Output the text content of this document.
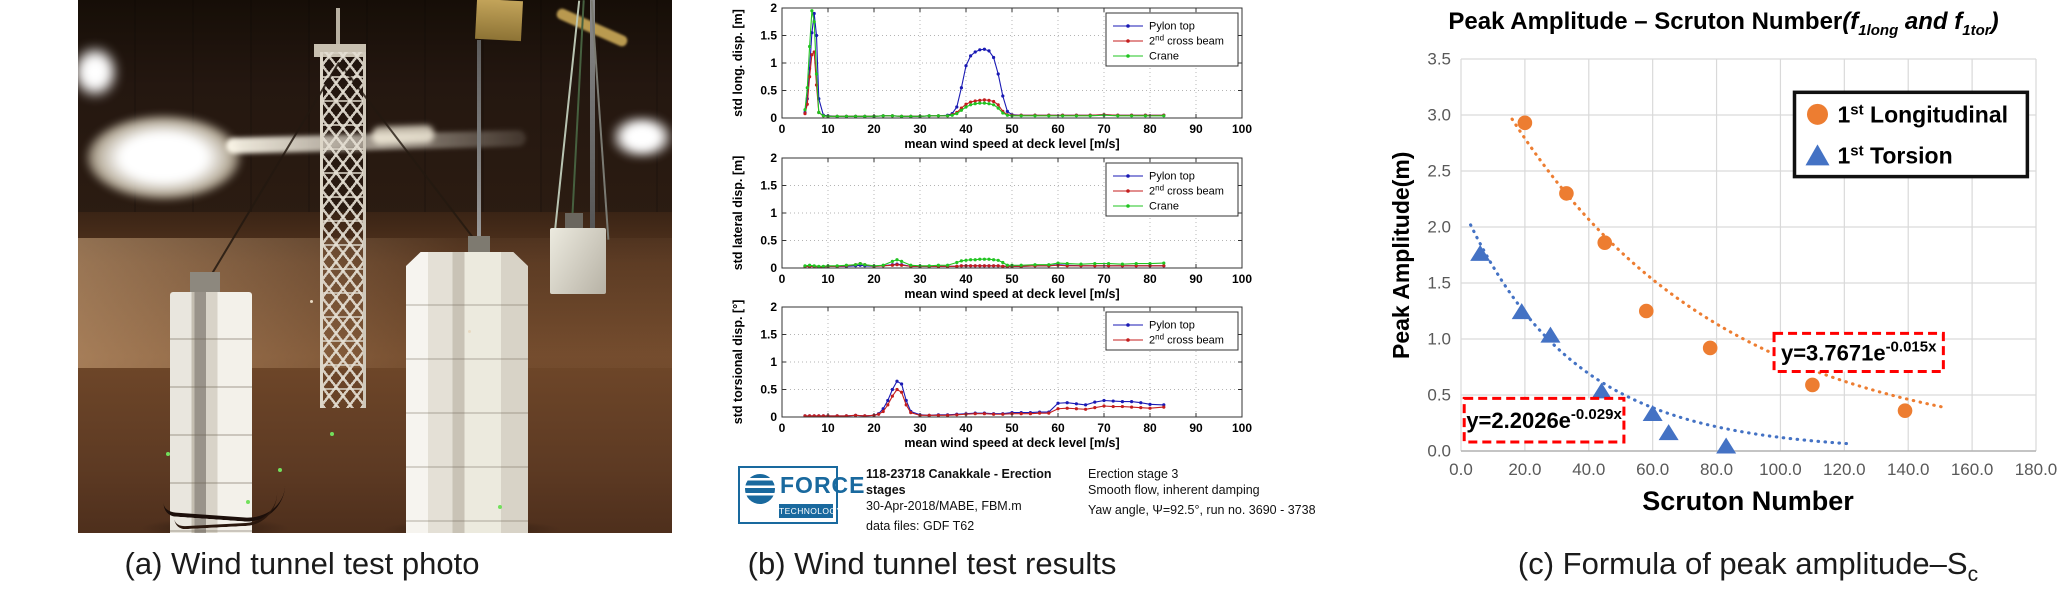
0	10	20	30	40	50	60	70	80	90 100
0
0.5
1
1.5
2
mean wind speed at deck level [m/s]
std long. disp. [m]	Pylon top
2nd cross beam
Crane
0	10	20	30	40	50	60	70	80	90 100
0
0.5
1
1.5
2
mean wind speed at deck level [m/s]
std lateral disp. [m]	Pylon top
2nd cross beam
Crane
0	10	20	30	40	50	60	70	80	90 100
0
0.5
1
1.5
2
mean wind speed at deck level [m/s]
std torsional disp. [°]	Pylon top
2nd cross beam
FORCE
TECHNOLOGY
118-23718 Canakkale - Erection stages
30-Apr-2018/MABE, FBM.m
data files: GDF T62
Erection stage 3
Smooth flow, inherent damping
Yaw angle, Ψ=92.5°, run no. 3690 - 3738
Peak Amplitude – Scruton $Number(f_{1long}$ and $f_{1tor}$)
Peak Amplitude(m)
0.0 20.0 40.0 60.0 80.0 100.0 120.0 140.0 160.0 180.0
0.0
0.5
1.0
1.5
2.0
2.5
3.0
3.5
1st Longitudinal
1st Torsion
$y=3.7671e^{-0.015x}$
$y=2.2026e^{-0.029x}$
Scruton Number
(a) Wind tunnel test photo	(b) Wind tunnel test results	(c) Formula of peak amplitude–$S_c$
